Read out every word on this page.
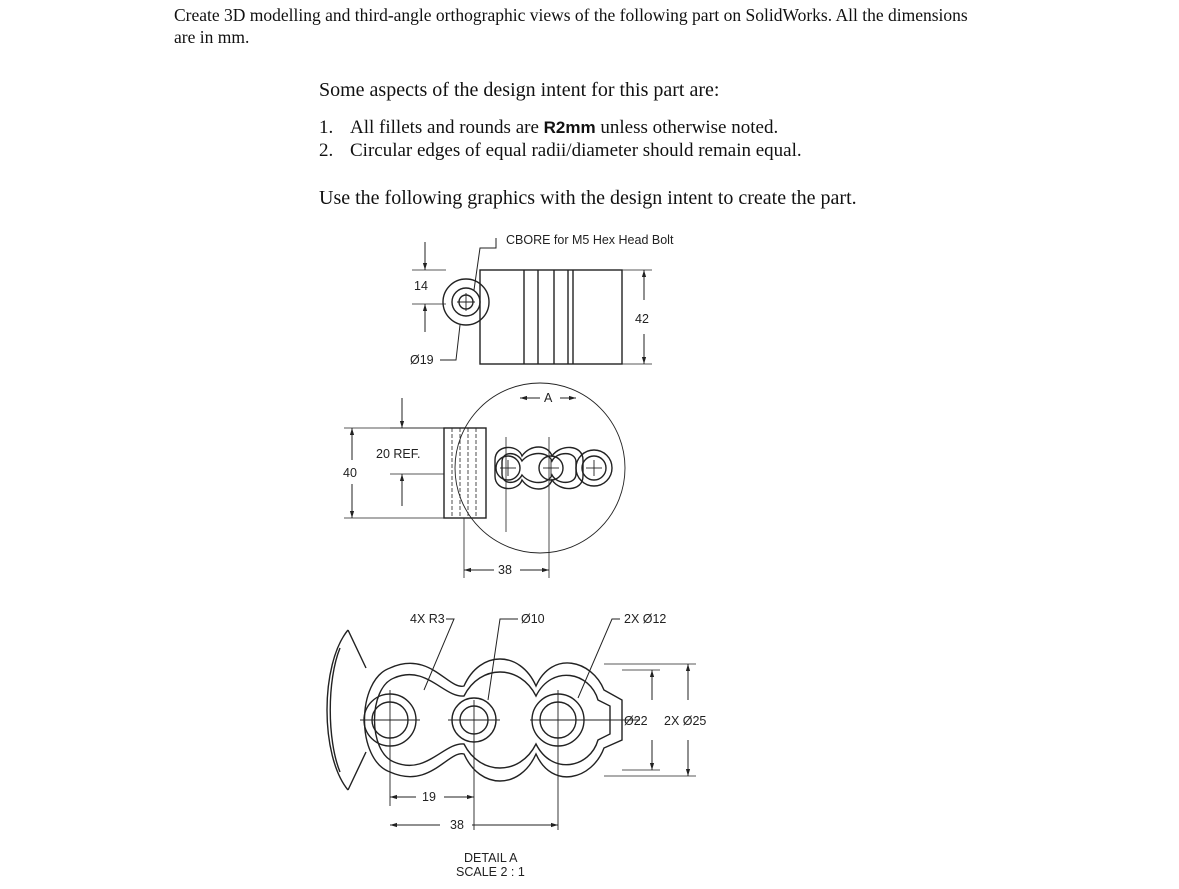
Create 3D modelling and third-angle orthographic views of the following part on SolidWorks. All the dimensions are in mm.

Some aspects of the design intent for this part are:

1. All fillets and rounds are R2mm unless otherwise noted.
2. Circular edges of equal radii/diameter should remain equal.

Use the following graphics with the design intent to create the part.

CBORE for M5 Hex Head Bolt
14
Ø19
42
A
20 REF.
40
38
4X R3	Ø10	2X Ø12
Ø22 2X Ø25
19
38
DETAIL A
SCALE 2 : 1
